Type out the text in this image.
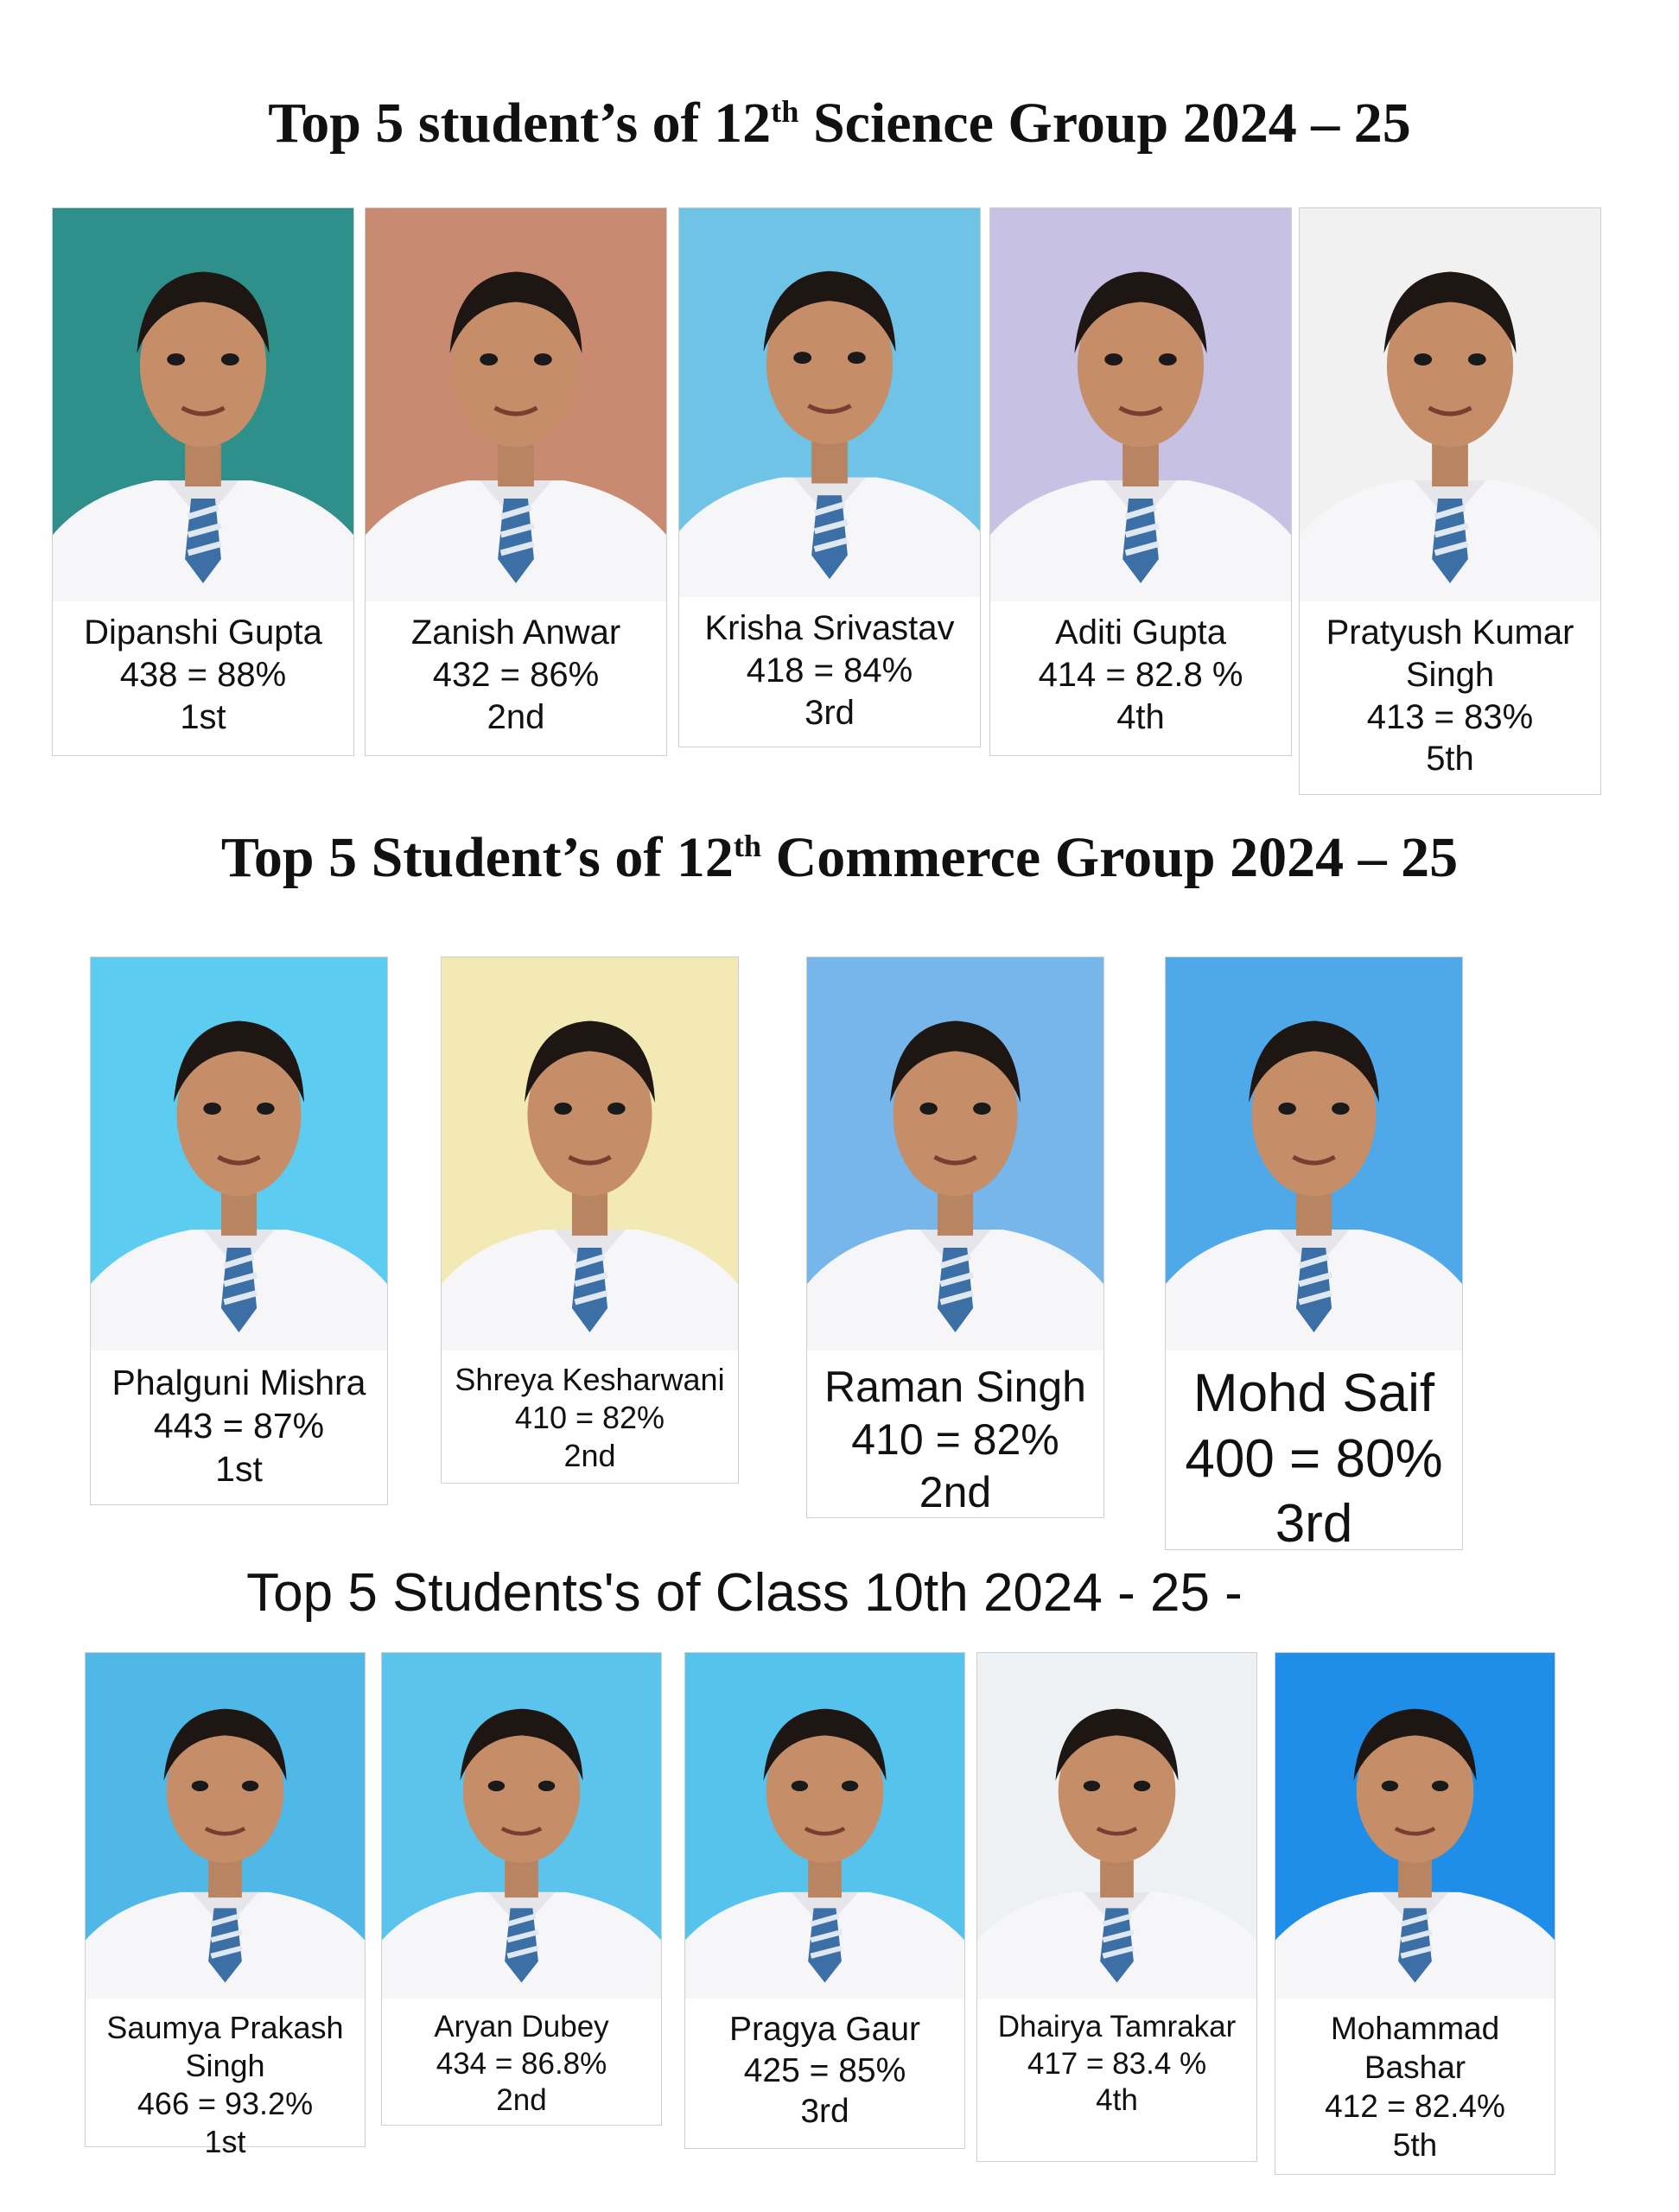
Top 5 student’s of 12th Science Group 2024 – 25
Top 5 Student’s of 12th Commerce Group 2024 – 25
Top 5 Students's of Class 10th 2024 - 25 -
Dipanshi Gupta
438 = 88%
1st
Zanish Anwar
432 = 86%
2nd
Krisha Srivastav
418 = 84%
3rd
Aditi Gupta
414 = 82.8 %
4th
Pratyush Kumar
Singh
413 = 83%
5th
Phalguni Mishra
443 = 87%
1st
Shreya Kesharwani
410 = 82%
2nd
Raman Singh
410 = 82%
2nd
Mohd Saif
400 = 80%
3rd
Saumya Prakash
Singh
466 = 93.2%
1st
Aryan Dubey
434 = 86.8%
2nd
Pragya Gaur
425 = 85%
3rd
Dhairya Tamrakar
417 = 83.4 %
4th
Mohammad
Bashar
412 = 82.4%
5th
